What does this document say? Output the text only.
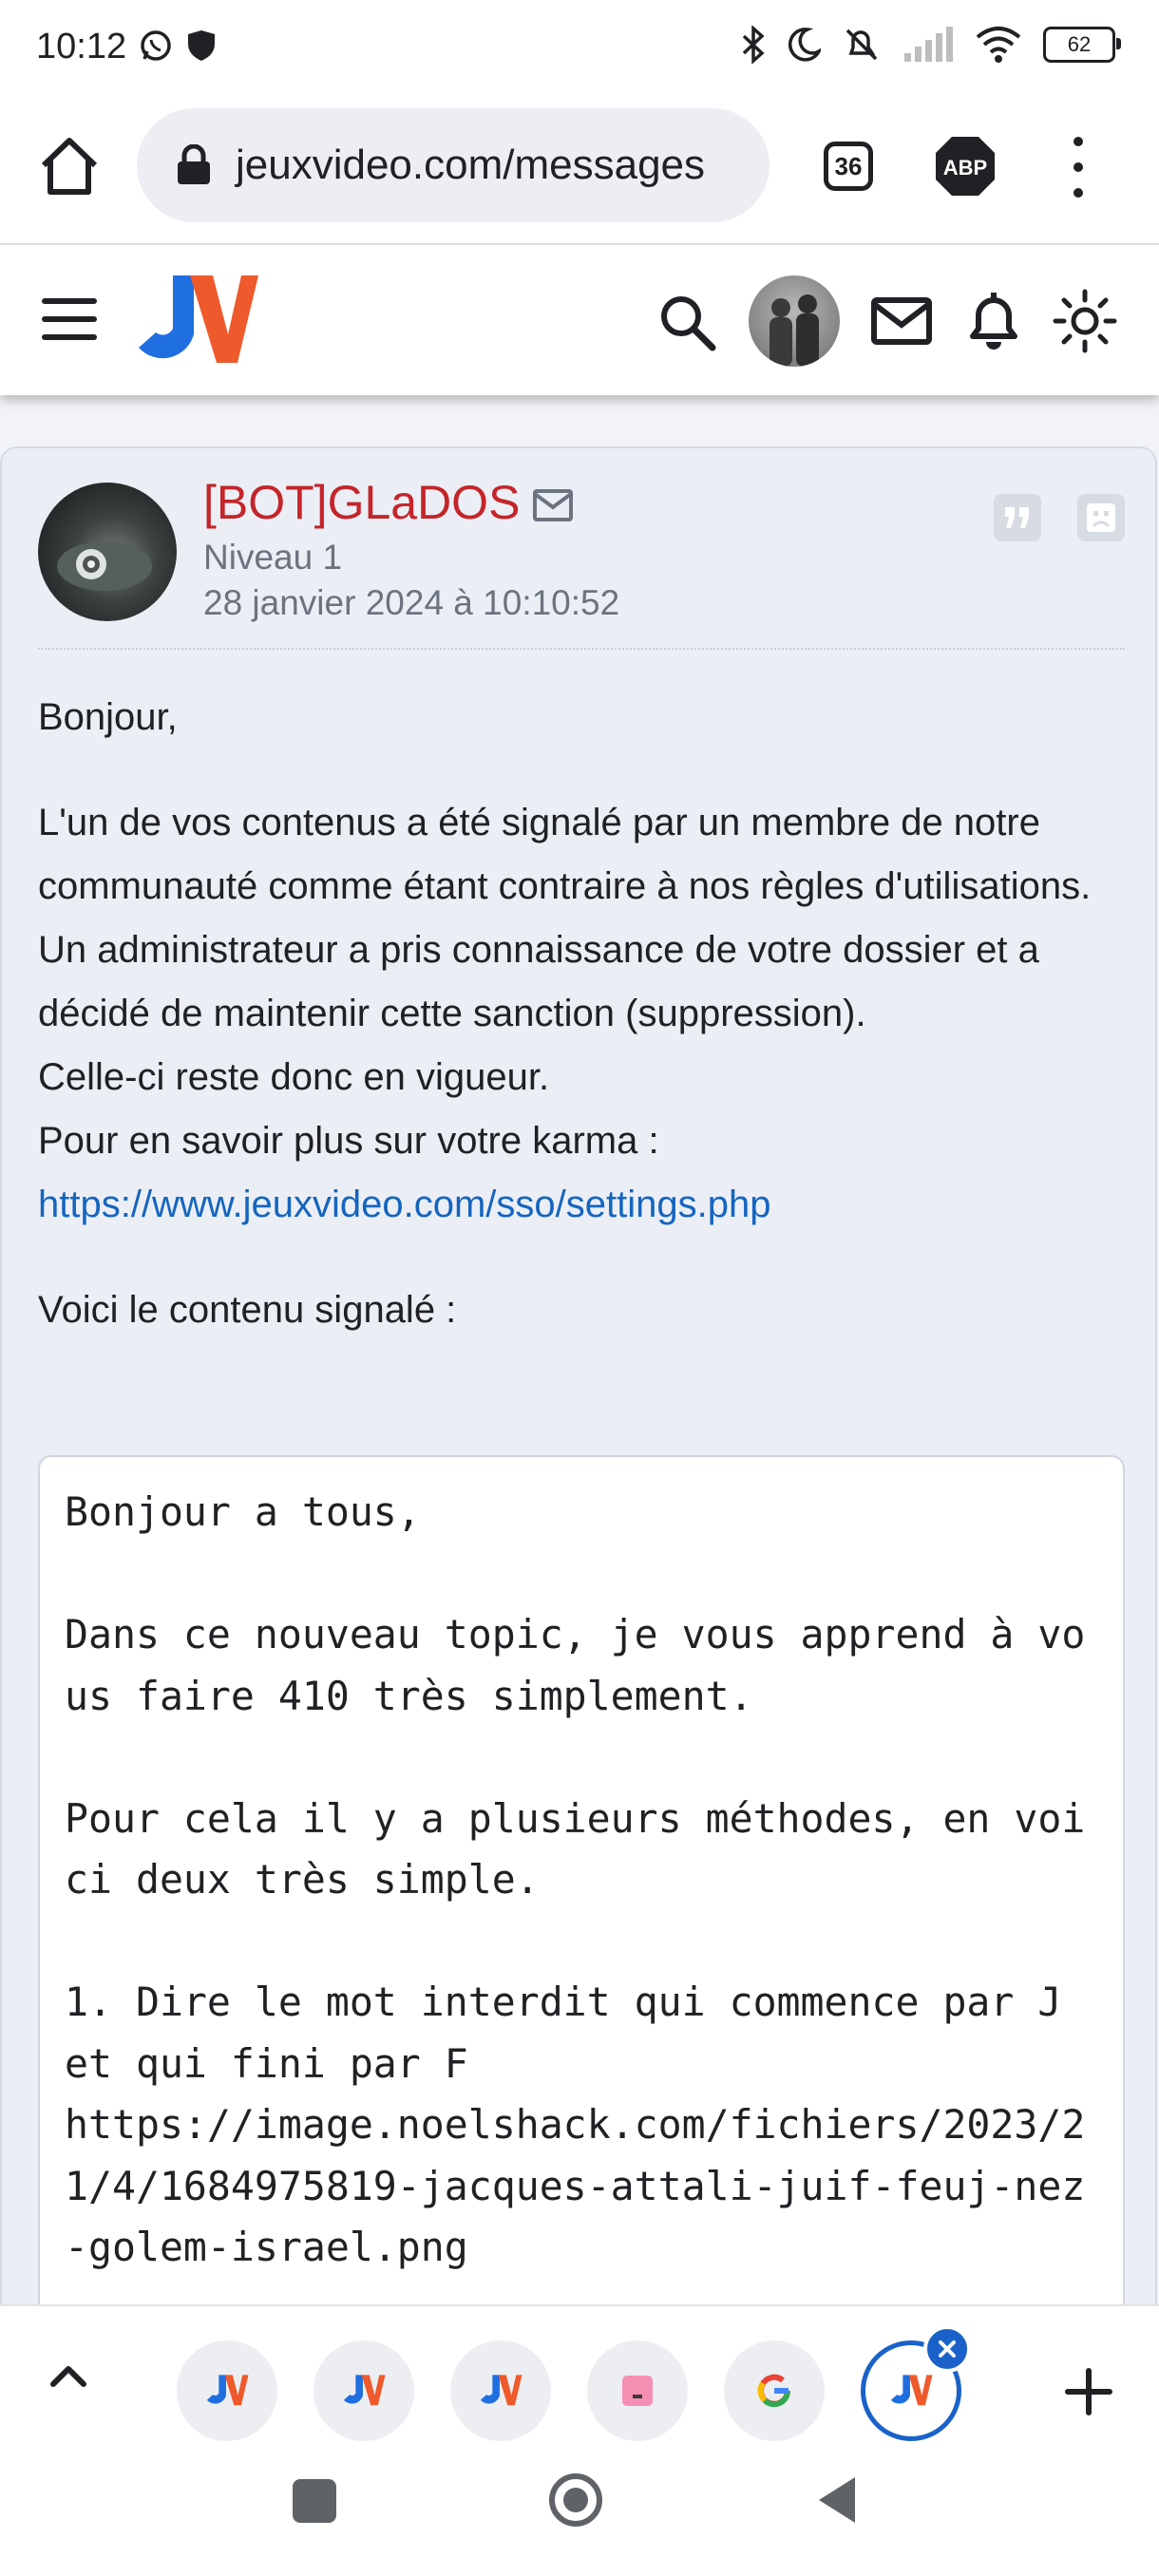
10:12	62
jeuxvideo.com/messages	36	ABP
[BOT]GLaDOS
Niveau 1
28 janvier 2024 à 10:10:52

Bonjour,

L'un de vos contenus a été signalé par un membre de notre communauté comme étant contraire à nos règles d'utilisations.

Un administrateur a pris connaissance de votre dossier et a décidé de maintenir cette sanction (suppression).

Celle-ci reste donc en vigueur.

Pour en savoir plus sur votre karma :

https://www.jeuxvideo.com/sso/settings.php

Voici le contenu signalé :

Bonjour a tous,

Dans ce nouveau topic, je vous apprend à vous faire 410 très simplement.

Pour cela il y a plusieurs méthodes, en voici deux très simple.

1. Dire le mot interdit qui commence par J et qui fini par F
https://image.noelshack.com/fichiers/2023/21/4/1684975819-jacques-attali-juif-feuj-nez-golem-israel.png
